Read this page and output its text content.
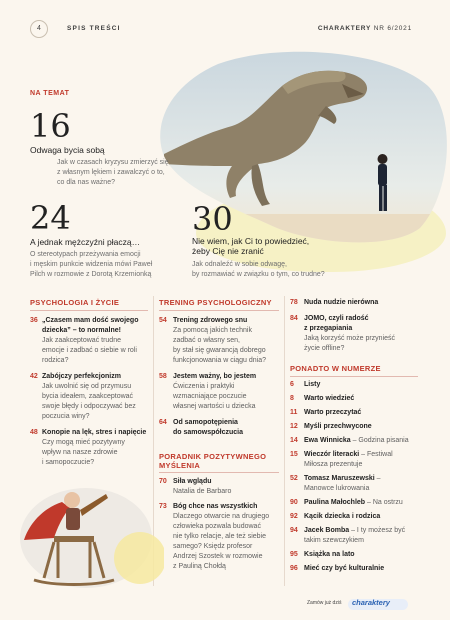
4	SPIS TREŚCI	CHARAKTERY NR 6/2021
NA TEMAT
16
Odwaga bycia sobą
Jak w czasach kryzysu zmierzyć się
z własnym lękiem i zawalczyć o to,
co dla nas ważne?
24
A jednak mężczyźni płaczą…
O stereotypach przeżywania emocji
i męskim punkcie widzenia mówi Paweł
Pilch w rozmowie z Dorotą Krzemionką
30
Nie wiem, jak Ci to powiedzieć,
żeby Cię nie zranić
Jak odnaleźć w sobie odwagę,
by rozmawiać w związku o tym, co trudne?
PSYCHOLOGIA I ŻYCIE
36 „Czasem mam dość swojego
dziecka” – to normalne!
Jak zaakceptować trudne
emocje i zadbać o siebie w roli
rodzica?
42 Zabójczy perfekcjonizm
Jak uwolnić się od przymusu
bycia ideałem, zaakceptować
swoje błędy i odpoczywać bez
poczucia winy?
48 Konopie na lęk, stres i napięcie
Czy mogą mieć pozytywny
wpływ na nasze zdrowie
i samopoczucie?
TRENING PSYCHOLOGICZNY
54 Trening zdrowego snu
Za pomocą jakich technik
zadbać o własny sen,
by stał się gwarancją dobrego
funkcjonowania w ciągu dnia?
58 Jestem ważny, bo jestem
Ćwiczenia i praktyki
wzmacniające poczucie
własnej wartości u dziecka
64 Od samopotępienia
do samowspółczucia
PORADNIK POZYTYWNEGO
MYŚLENIA
70 Siła wglądu
Natalia de Barbaro
73 Bóg chce nas wszystkich
Dlaczego otwarcie na drugiego
człowieka pozwala budować
nie tylko relacje, ale też siebie
samego? Księdz profesor
Andrzej Szostek w rozmowie
z Pauliną Chołdą
78 Nuda nudzie nierówna
84 JOMO, czyli radość
z przegapiania
Jaką korzyść może przynieść
życie offline?
PONADTO W NUMERZE
6 Listy
8 Warto wiedzieć
11 Warto przeczytać
12 Myśli przechwycone
14 Ewa Winnicka – Godzina pisania
15 Wieczór literacki – Festiwal
Miłosza prezentuje
52 Tomasz Maruszewski –
Manowce lukrowania
90 Paulina Małochleb – Na ostrzu
92 Kącik dziecka i rodzica
94 Jacek Bomba – I ty możesz być
takim szewczykiem
95 Książka na lato
96 Mieć czy być kulturalnie
Zamów już dziś charaktery
